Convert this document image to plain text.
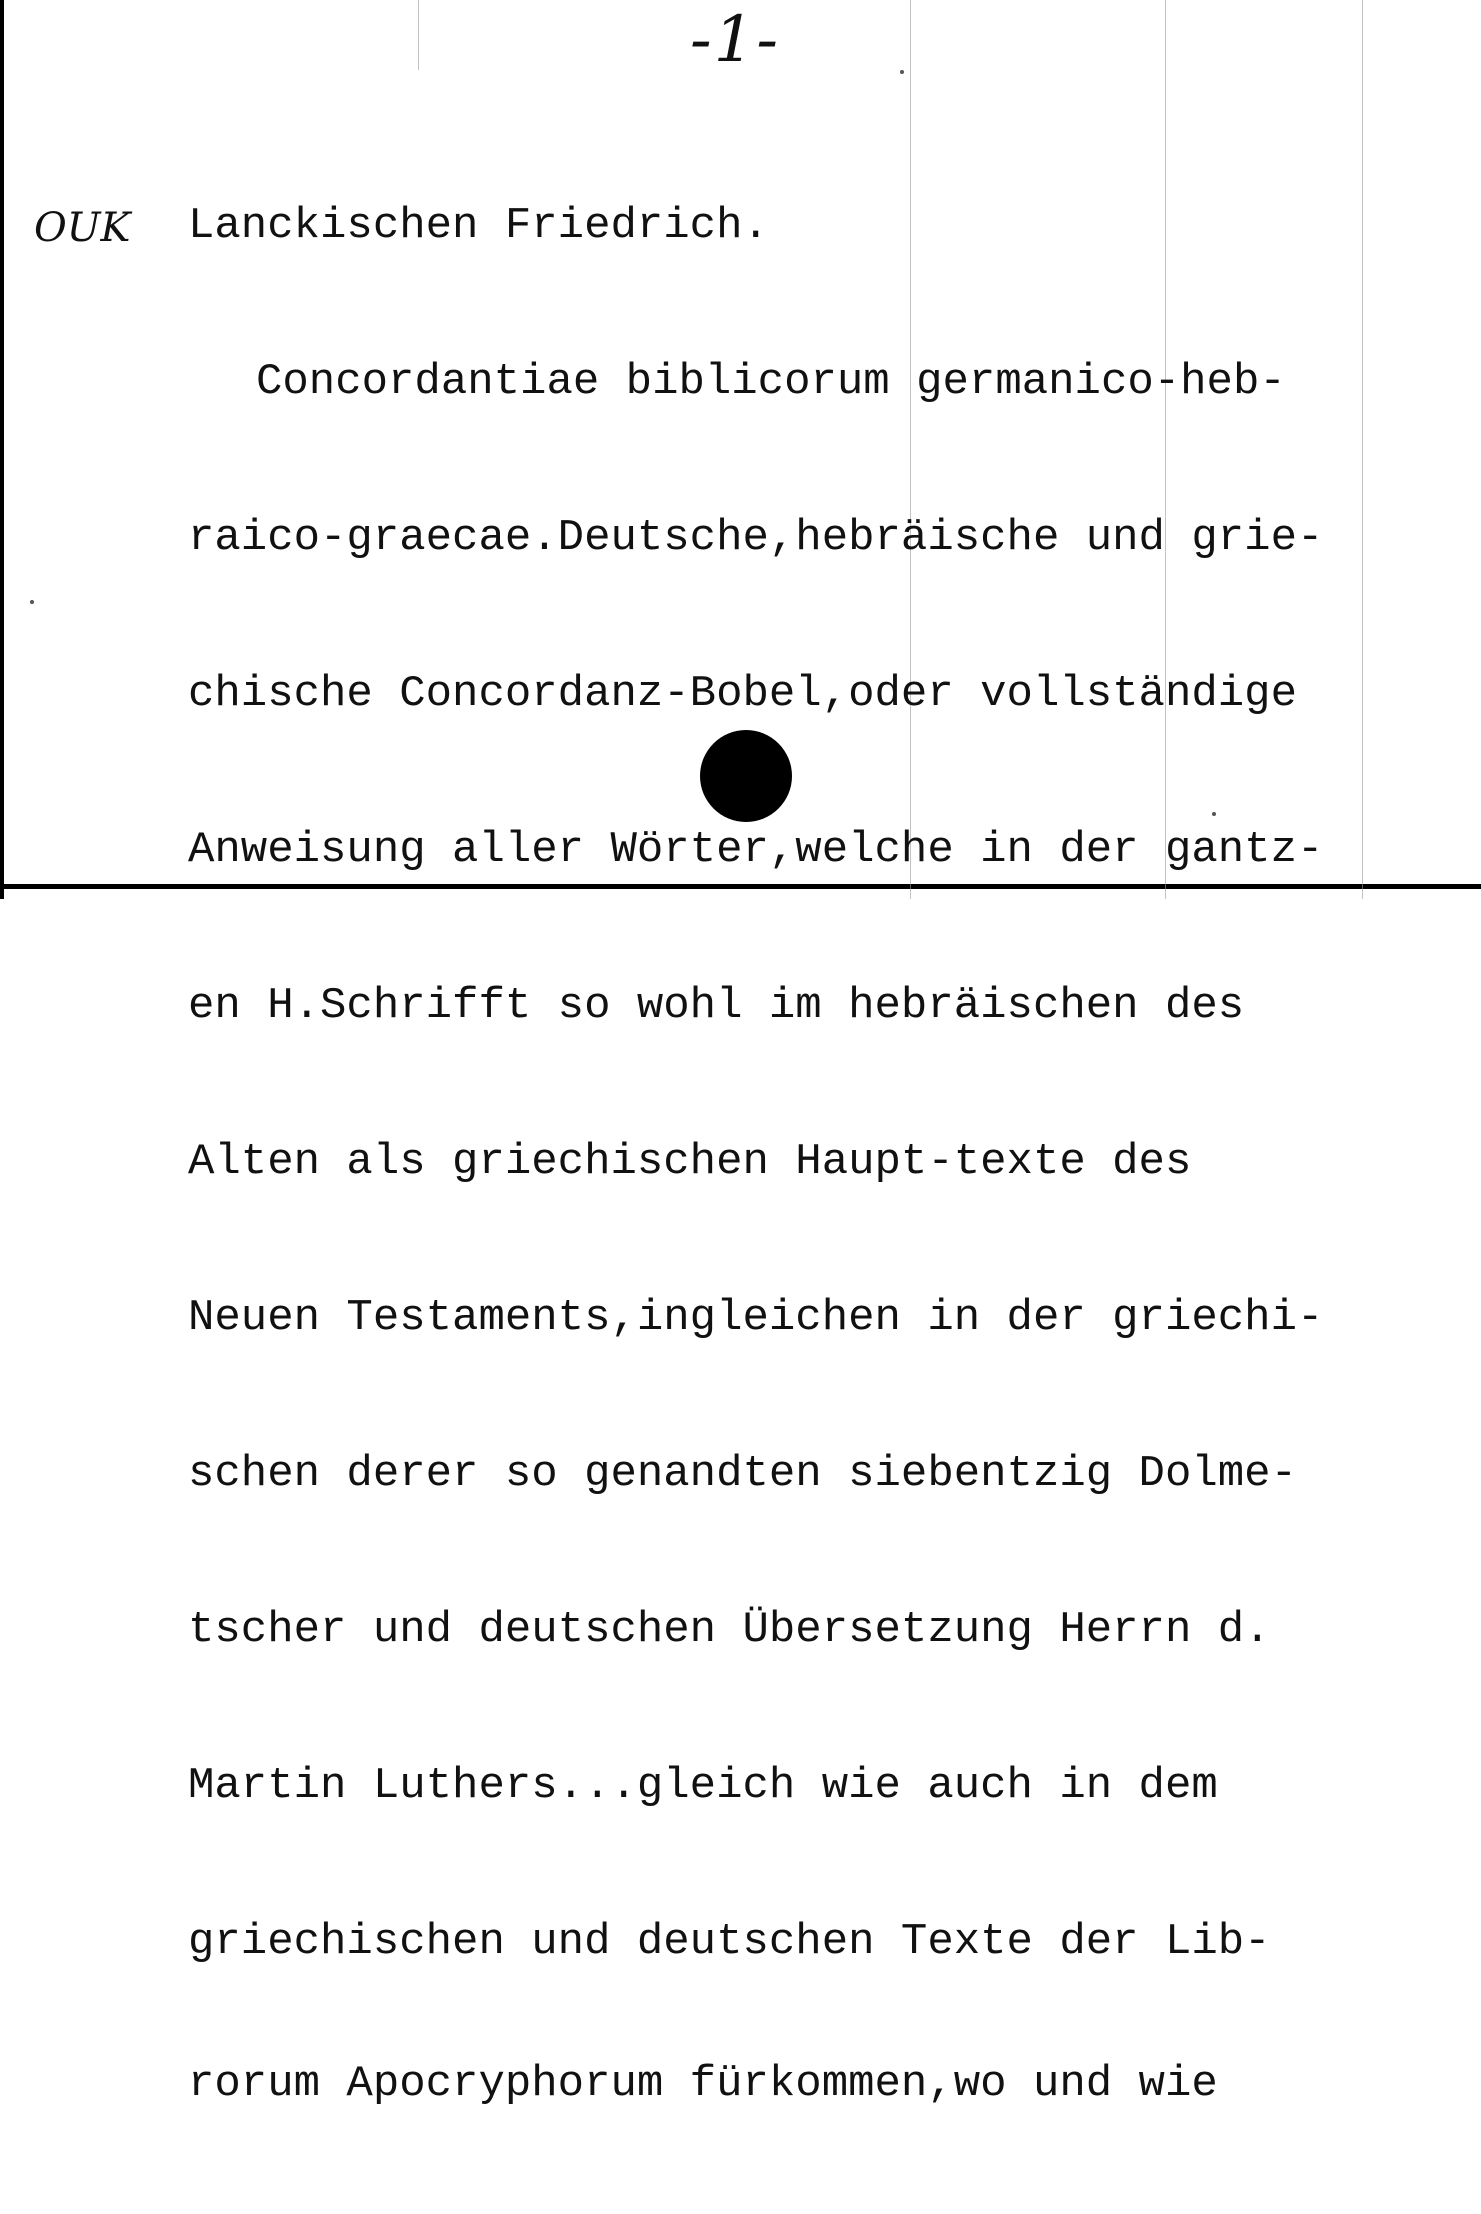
-1-
OUK

Lanckischen Friedrich.

Concordantiae biblicorum germanico-heb-

raico-graecae.Deutsche,hebräische und grie-

chische Concordanz-Bobel,oder vollständige

Anweisung aller Wörter,welche in der gantz-

en H.Schrifft so wohl im hebräischen des

Alten als griechischen Haupt-texte des

Neuen Testaments,ingleichen in der griechi-

schen derer so genandten siebentzig Dolme-

tscher und deutschen Übersetzung Herrn d.

Martin Luthers...gleich wie auch in dem

griechischen und deutschen Texte der Lib-

rorum Apocryphorum fürkommen,wo und wie
